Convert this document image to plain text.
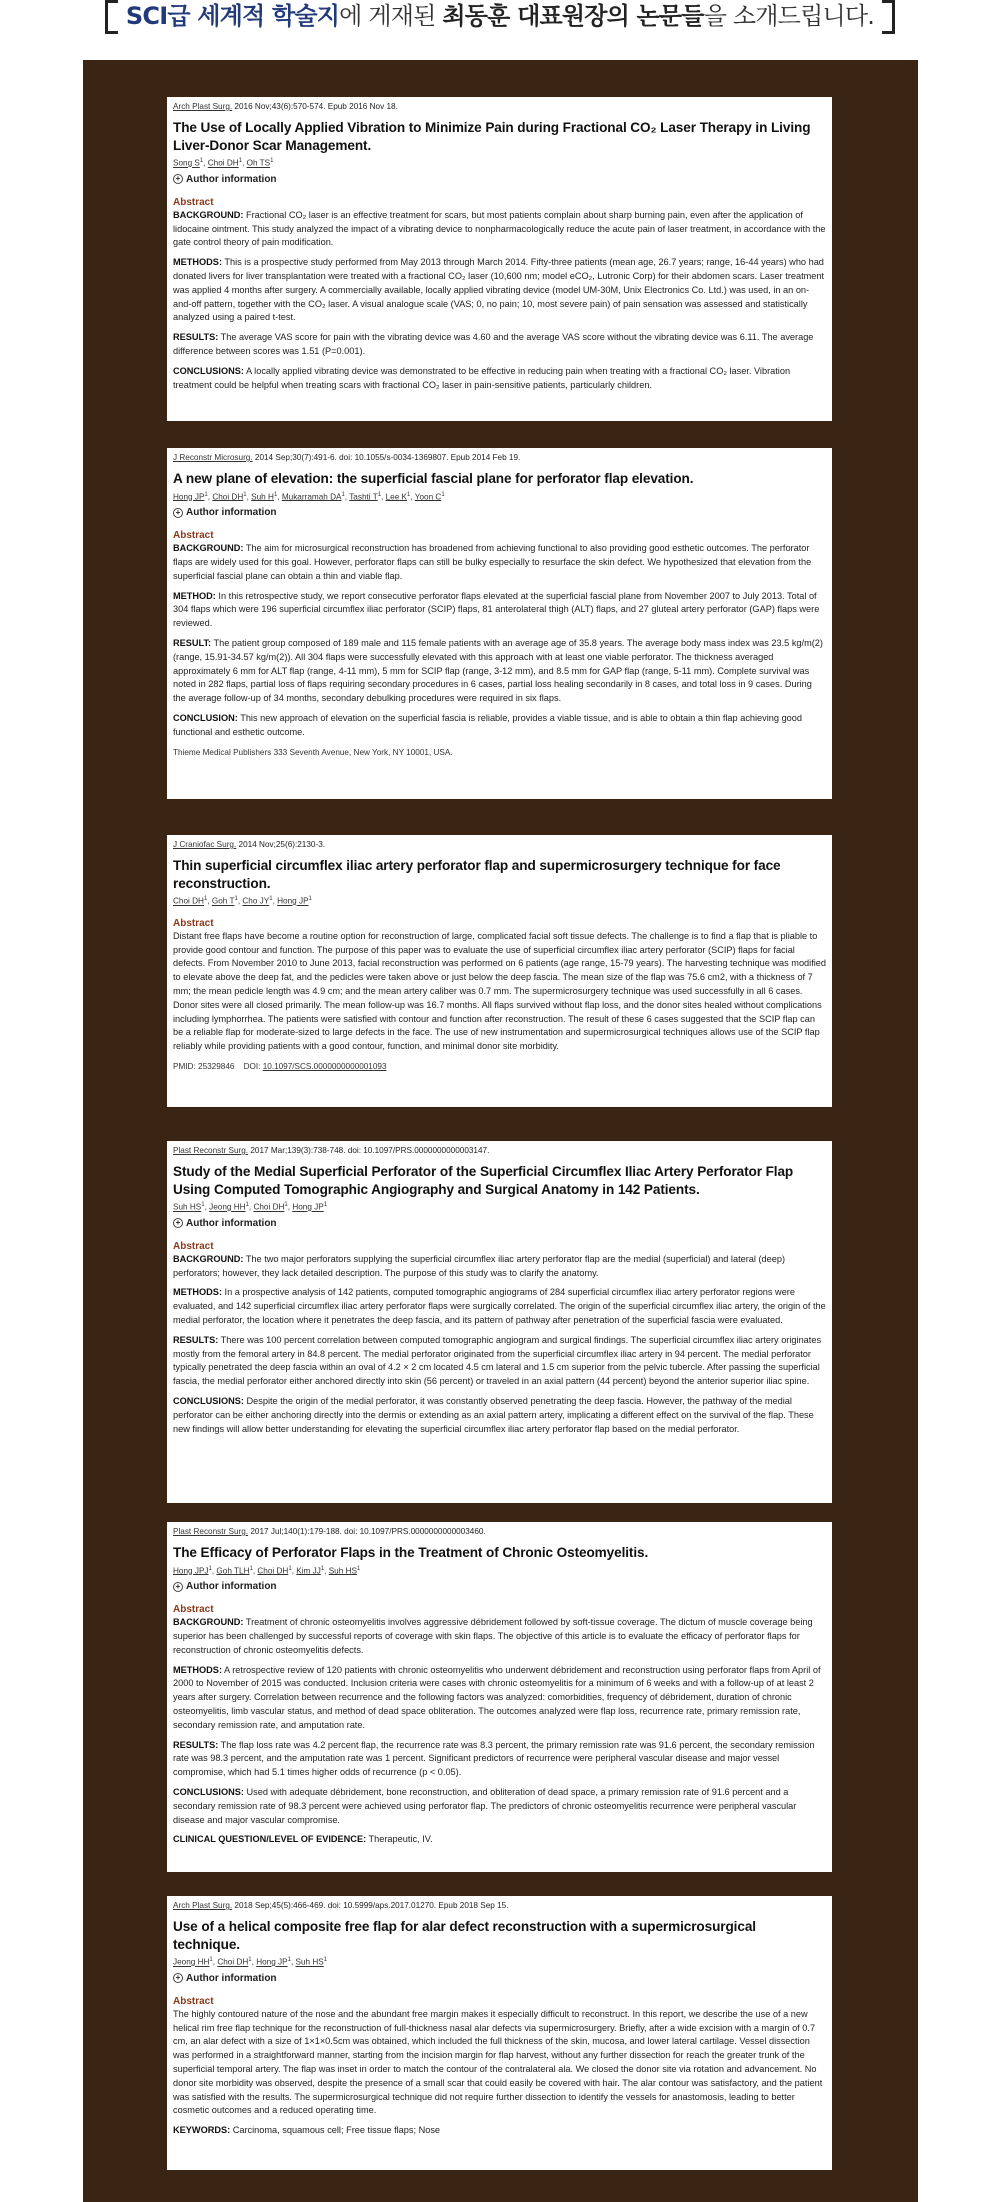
SCI급 세계적 학술지에 게재된 최동훈 대표원장의 논문들을 소개드립니다.
Arch Plast Surg. 2016 Nov;43(6):570-574. Epub 2016 Nov 18.
The Use of Locally Applied Vibration to Minimize Pain during Fractional CO₂ Laser Therapy in Living Liver-Donor Scar Management.
Song $S^1$, Choi $DH^1$, Oh $TS^1$
+ Author information
Abstract
BACKGROUND: Fractional CO₂ laser is an effective treatment for scars, but most patients complain about sharp burning pain, even after the application of lidocaine ointment. This study analyzed the impact of a vibrating device to nonpharmacologically reduce the acute pain of laser treatment, in accordance with the gate control theory of pain modification.
METHODS: This is a prospective study performed from May 2013 through March 2014. Fifty-three patients (mean age, 26.7 years; range, 16-44 years) who had donated livers for liver transplantation were treated with a fractional CO₂ laser (10,600 nm; model eCO₂, Lutronic Corp) for their abdomen scars. Laser treatment was applied 4 months after surgery. A commercially available, locally applied vibrating device (model UM-30M, Unix Electronics Co. Ltd.) was used, in an on-and-off pattern, together with the CO₂ laser. A visual analogue scale (VAS; 0, no pain; 10, most severe pain) of pain sensation was assessed and statistically analyzed using a paired t-test.
RESULTS: The average VAS score for pain with the vibrating device was 4.60 and the average VAS score without the vibrating device was 6.11. The average difference between scores was 1.51 (P=0.001).
CONCLUSIONS: A locally applied vibrating device was demonstrated to be effective in reducing pain when treating with a fractional CO₂ laser. Vibration treatment could be helpful when treating scars with fractional CO₂ laser in pain-sensitive patients, particularly children.
J Reconstr Microsurg. 2014 Sep;30(7):491-6. doi: 10.1055/s-0034-1369807. Epub 2014 Feb 19.
A new plane of elevation: the superficial fascial plane for perforator flap elevation.
Hong $JP^1$, Choi $DH^1$, Suh $H^1$, Mukarramah $DA^1$, Tashti $T^1$, Lee $K^1$, Yoon $C^1$
+ Author information
Abstract
BACKGROUND: The aim for microsurgical reconstruction has broadened from achieving functional to also providing good esthetic outcomes. The perforator flaps are widely used for this goal. However, perforator flaps can still be bulky especially to resurface the skin defect. We hypothesized that elevation from the superficial fascial plane can obtain a thin and viable flap.
METHOD: In this retrospective study, we report consecutive perforator flaps elevated at the superficial fascial plane from November 2007 to July 2013. Total of 304 flaps which were 196 superficial circumflex iliac perforator (SCIP) flaps, 81 anterolateral thigh (ALT) flaps, and 27 gluteal artery perforator (GAP) flaps were reviewed.
RESULT: The patient group composed of 189 male and 115 female patients with an average age of 35.8 years. The average body mass index was 23.5 kg/m(2) (range, 15.91-34.57 kg/m(2)). All 304 flaps were successfully elevated with this approach with at least one viable perforator. The thickness averaged approximately 6 mm for ALT flap (range, 4-11 mm), 5 mm for SCIP flap (range, 3-12 mm), and 8.5 mm for GAP flap (range, 5-11 mm). Complete survival was noted in 282 flaps, partial loss of flaps requiring secondary procedures in 6 cases, partial loss healing secondarily in 8 cases, and total loss in 9 cases. During the average follow-up of 34 months, secondary debulking procedures were required in six flaps.
CONCLUSION: This new approach of elevation on the superficial fascia is reliable, provides a viable tissue, and is able to obtain a thin flap achieving good functional and esthetic outcome.
Thieme Medical Publishers 333 Seventh Avenue, New York, NY 10001, USA.
J Craniofac Surg. 2014 Nov;25(6):2130-3.
Thin superficial circumflex iliac artery perforator flap and supermicrosurgery technique for face reconstruction.
Choi $DH^1$, Goh $T^1$, Cho $JY^1$, Hong $JP^1$
Abstract
Distant free flaps have become a routine option for reconstruction of large, complicated facial soft tissue defects. The challenge is to find a flap that is pliable to provide good contour and function. The purpose of this paper was to evaluate the use of superficial circumflex iliac artery perforator (SCIP) flaps for facial defects. From November 2010 to June 2013, facial reconstruction was performed on 6 patients (age range, 15-79 years). The harvesting technique was modified to elevate above the deep fat, and the pedicles were taken above or just below the deep fascia. The mean size of the flap was 75.6 cm2, with a thickness of 7 mm; the mean pedicle length was 4.9 cm; and the mean artery caliber was 0.7 mm. The supermicrosurgery technique was used successfully in all 6 cases. Donor sites were all closed primarily. The mean follow-up was 16.7 months. All flaps survived without flap loss, and the donor sites healed without complications including lymphorrhea. The patients were satisfied with contour and function after reconstruction. The result of these 6 cases suggested that the SCIP flap can be a reliable flap for moderate-sized to large defects in the face. The use of new instrumentation and supermicrosurgical techniques allows use of the SCIP flap reliably while providing patients with a good contour, function, and minimal donor site morbidity.
PMID: 25329846 DOI: 10.1097/SCS.0000000000001093
Plast Reconstr Surg. 2017 Mar;139(3):738-748. doi: 10.1097/PRS.0000000000003147.
Study of the Medial Superficial Perforator of the Superficial Circumflex Iliac Artery Perforator Flap Using Computed Tomographic Angiography and Surgical Anatomy in 142 Patients.
Suh $HS^1$, Jeong $HH^1$, Choi $DH^1$, Hong $JP^1$
+ Author information
Abstract
BACKGROUND: The two major perforators supplying the superficial circumflex iliac artery perforator flap are the medial (superficial) and lateral (deep) perforators; however, they lack detailed description. The purpose of this study was to clarify the anatomy.
METHODS: In a prospective analysis of 142 patients, computed tomographic angiograms of 284 superficial circumflex iliac artery perforator regions were evaluated, and 142 superficial circumflex iliac artery perforator flaps were surgically correlated. The origin of the superficial circumflex iliac artery, the origin of the medial perforator, the location where it penetrates the deep fascia, and its pattern of pathway after penetration of the superficial fascia were evaluated.
RESULTS: There was 100 percent correlation between computed tomographic angiogram and surgical findings. The superficial circumflex iliac artery originates mostly from the femoral artery in 84.8 percent. The medial perforator originated from the superficial circumflex iliac artery in 94 percent. The medial perforator typically penetrated the deep fascia within an oval of 4.2 × 2 cm located 4.5 cm lateral and 1.5 cm superior from the pelvic tubercle. After passing the superficial fascia, the medial perforator either anchored directly into skin (56 percent) or traveled in an axial pattern (44 percent) beyond the anterior superior iliac spine.
CONCLUSIONS: Despite the origin of the medial perforator, it was constantly observed penetrating the deep fascia. However, the pathway of the medial perforator can be either anchoring directly into the dermis or extending as an axial pattern artery, implicating a different effect on the survival of the flap. These new findings will allow better understanding for elevating the superficial circumflex iliac artery perforator flap based on the medial perforator.
Plast Reconstr Surg. 2017 Jul;140(1):179-188. doi: 10.1097/PRS.0000000000003460.
The Efficacy of Perforator Flaps in the Treatment of Chronic Osteomyelitis.
Hong JPJ$^1$, Goh TLH$^1$, Choi $DH^1$, Kim $JJ^1$, Suh $HS^1$
+ Author information
Abstract
BACKGROUND: Treatment of chronic osteomyelitis involves aggressive débridement followed by soft-tissue coverage. The dictum of muscle coverage being superior has been challenged by successful reports of coverage with skin flaps. The objective of this article is to evaluate the efficacy of perforator flaps for reconstruction of chronic osteomyelitis defects.
METHODS: A retrospective review of 120 patients with chronic osteomyelitis who underwent débridement and reconstruction using perforator flaps from April of 2000 to November of 2015 was conducted. Inclusion criteria were cases with chronic osteomyelitis for a minimum of 6 weeks and with a follow-up of at least 2 years after surgery. Correlation between recurrence and the following factors was analyzed: comorbidities, frequency of débridement, duration of chronic osteomyelitis, limb vascular status, and method of dead space obliteration. The outcomes analyzed were flap loss, recurrence rate, primary remission rate, secondary remission rate, and amputation rate.
RESULTS: The flap loss rate was 4.2 percent flap, the recurrence rate was 8.3 percent, the primary remission rate was 91.6 percent, the secondary remission rate was 98.3 percent, and the amputation rate was 1 percent. Significant predictors of recurrence were peripheral vascular disease and major vessel compromise, which had 5.1 times higher odds of recurrence (p < 0.05).
CONCLUSIONS: Used with adequate débridement, bone reconstruction, and obliteration of dead space, a primary remission rate of 91.6 percent and a secondary remission rate of 98.3 percent were achieved using perforator flap. The predictors of chronic osteomyelitis recurrence were peripheral vascular disease and major vascular compromise.
CLINICAL QUESTION/LEVEL OF EVIDENCE: Therapeutic, IV.
Arch Plast Surg. 2018 Sep;45(5):466-469. doi: 10.5999/aps.2017.01270. Epub 2018 Sep 15.
Use of a helical composite free flap for alar defect reconstruction with a supermicrosurgical technique.
Jeong $HH^1$, Choi $DH^1$, Hong $JP^1$, Suh $HS^1$
+ Author information
Abstract
The highly contoured nature of the nose and the abundant free margin makes it especially difficult to reconstruct. In this report, we describe the use of a new helical rim free flap technique for the reconstruction of full-thickness nasal alar defects via supermicrosurgery. Briefly, after a wide excision with a margin of 0.7 cm, an alar defect with a size of 1×1×0.5cm was obtained, which included the full thickness of the skin, mucosa, and lower lateral cartilage. Vessel dissection was performed in a straightforward manner, starting from the incision margin for flap harvest, without any further dissection for reach the greater trunk of the superficial temporal artery. The flap was inset in order to match the contour of the contralateral ala. We closed the donor site via rotation and advancement. No donor site morbidity was observed, despite the presence of a small scar that could easily be covered with hair. The alar contour was satisfactory, and the patient was satisfied with the results. The supermicrosurgical technique did not require further dissection to identify the vessels for anastomosis, leading to better cosmetic outcomes and a reduced operating time.
KEYWORDS: Carcinoma, squamous cell; Free tissue flaps; Nose
